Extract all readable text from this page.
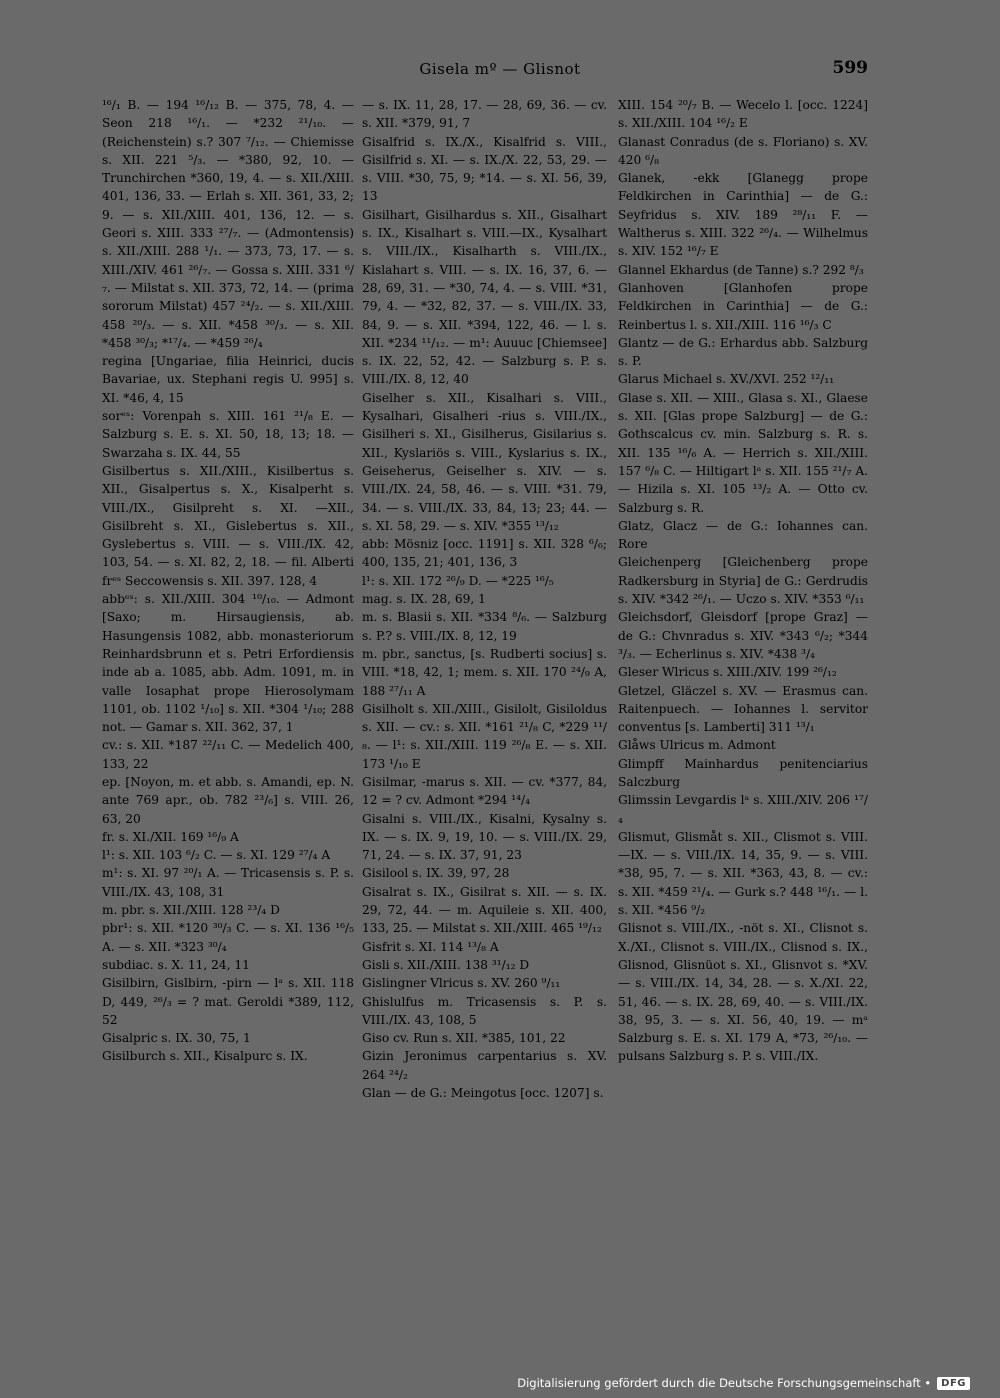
Gisela mº — Glisnot	599

¹⁶/₁ B. — 194 ¹⁶/₁₂ B. — 375, 78, 4. — Seon 218 ¹⁶/₁. — *232 ²¹/₁₀. — (Reichenstein) s.? 307 ⁷/₁₂. — Chiemisse s. XII. 221 ⁵/₃. — *380, 92, 10. — Trunchirchen *360, 19, 4. — s. XII./XIII. 401, 136, 33. — Erlah s. XII. 361, 33, 2; 9. — s. XII./XIII. 401, 136, 12. — s. Geori s. XIII. 333 ²⁷/₇. — (Admontensis) s. XII./XIII. 288 ¹/₁. — 373, 73, 17. — s. XIII./XIV. 461 ²⁶/₇. — Gossa s. XIII. 331 ⁶/₇. — Milstat s. XII. 373, 72, 14. — (prima sororum Milstat) 457 ²⁴/₂. — s. XII./XIII. 458 ²⁰/₃. — s. XII. *458 ³⁰/₃. — s. XII. *458 ³⁰/₃; *¹⁷/₄. — *459 ²⁶/₄

regina [Ungariae, filia Heinrici, ducis Bavariae, ux. Stephani regis U. 995] s. XI. *46, 4, 15

sorᵉˢ: Vorenpah s. XIII. 161 ²¹/₈ E. — Salzburg s. E. s. XI. 50, 18, 13; 18. — Swarzaha s. IX. 44, 55

Gisilbertus s. XII./XIII., Kisilbertus s. XII., Gisalpertus s. X., Kisalperht s. VIII./IX., Gisilpreht s. XI. —XII., Gisilbreht s. XI., Gislebertus s. XII., Gyslebertus s. VIII. — s. VIII./IX. 42, 103, 54. — s. XI. 82, 2, 18. — fil. Alberti frᵉˢ Seccowensis s. XII. 397. 128, 4

abbᵉˢ: s. XII./XIII. 304 ¹⁰/₁₀. — Admont [Saxo; m. Hirsaugiensis, ab. Hasungensis 1082, abb. monasteriorum Reinhardsbrunn et s. Petri Erfordiensis inde ab a. 1085, abb. Adm. 1091, m. in valle Iosaphat prope Hierosolymam 1101, ob. 1102 ¹/₁₀] s. XII. *304 ¹/₁₀; 288 not. — Gamar s. XII. 362, 37, 1

cv.: s. XII. *187 ²²/₁₁ C. — Medelich 400, 133, 22

ep. [Noyon, m. et abb. s. Amandi, ep. N. ante 769 apr., ob. 782 ²³/₆] s. VIII. 26, 63, 20

fr. s. XI./XII. 169 ¹⁶/₉ A

l¹: s. XII. 103 ⁶/₂ C. — s. XI. 129 ²⁷/₄ A

m¹: s. XI. 97 ²⁰/₁ A. — Tricasensis s. P. s. VIII./IX. 43, 108, 31

m. pbr. s. XII./XIII. 128 ²³/₄ D

pbr¹: s. XII. *120 ³⁰/₃ C. — s. XI. 136 ¹⁶/₅ A. — s. XII. *323 ³⁰/₄

subdiac. s. X. 11, 24, 11

Gisilbirn, Gislbirn, -pirn — lᵃ s. XII. 118 D, 449, ²⁶/₃ = ? mat. Geroldi *389, 112, 52

Gisalpric s. IX. 30, 75, 1

Gisilburch s. XII., Kisalpurc s. IX.

— s. IX. 11, 28, 17. — 28, 69, 36. — cv. s. XII. *379, 91, 7

Gisalfrid s. IX./X., Kisalfrid s. VIII., Gisilfrid s. XI. — s. IX./X. 22, 53, 29. — s. VIII. *30, 75, 9; *14. — s. XI. 56, 39, 13

Gisilhart, Gisilhardus s. XII., Gisalhart s. IX., Kisalhart s. VIII.—IX., Kysalhart s. VIII./IX., Kisalharth s. VIII./IX., Kislahart s. VIII. — s. IX. 16, 37, 6. — 28, 69, 31. — *30, 74, 4. — s. VIII. *31, 79, 4. — *32, 82, 37. — s. VIII./IX. 33, 84, 9. — s. XII. *394, 122, 46. — l. s. XII. *234 ¹¹/₁₂. — m¹: Auuuc [Chiemsee] s. IX. 22, 52, 42. — Salzburg s. P. s. VIII./IX. 8, 12, 40

Giselher s. XII., Kisalhari s. VIII., Kysalhari, Gisalheri -rius s. VIII./IX., Gisilheri s. XI., Gisilherus, Gisilarius s. XII., Kyslariös s. VIII., Kyslarius s. IX., Geiseherus, Geiselher s. XIV. — s. VIII./IX. 24, 58, 46. — s. VIII. *31. 79, 34. — s. VIII./IX. 33, 84, 13; 23; 44. — s. XI. 58, 29. — s. XIV. *355 ¹³/₁₂

abb: Mösniz [occ. 1191] s. XII. 328 ⁶/₆; 400, 135, 21; 401, 136, 3

l¹: s. XII. 172 ²⁶/₉ D. — *225 ¹⁶/₅

mag. s. IX. 28, 69, 1

m. s. Blasii s. XII. *334 ⁸/₆. — Salzburg s. P.? s. VIII./IX. 8, 12, 19

m. pbr., sanctus, [s. Rudberti socius] s. VIII. *18, 42, 1; mem. s. XII. 170 ²⁴/₉ A, 188 ²⁷/₁₁ A

Gisilholt s. XII./XIII., Gisilolt, Gisiloldus s. XII. — cv.: s. XII. *161 ²¹/₈ C, *229 ¹¹/₈. — l¹: s. XII./XIII. 119 ²⁶/₈ E. — s. XII. 173 ¹/₁₀ E

Gisilmar, -marus s. XII. — cv. *377, 84, 12 = ? cv. Admont *294 ¹⁴/₄

Gisalni s. VIII./IX., Kisalni, Kysalny s. IX. — s. IX. 9, 19, 10. — s. VIII./IX. 29, 71, 24. — s. IX. 37, 91, 23

Gisilool s. IX. 39, 97, 28

Gisalrat s. IX., Gisilrat s. XII. — s. IX. 29, 72, 44. — m. Aquileie s. XII. 400, 133, 25. — Milstat s. XII./XIII. 465 ¹⁹/₁₂

Gisfrit s. XI. 114 ¹³/₈ A

Gisli s. XII./XIII. 138 ³¹/₁₂ D

Gislingner Vlricus s. XV. 260 ⁹/₁₁

Ghislulfus m. Tricasensis s. P. s. VIII./IX. 43, 108, 5

Giso cv. Run s. XII. *385, 101, 22

Gizin Jeronimus carpentarius s. XV. 264 ²⁴/₂

Glan — de G.: Meingotus [occ. 1207] s.

XIII. 154 ²⁰/₇ B. — Wecelo l. [occ. 1224] s. XII./XIII. 104 ¹⁶/₂ E

Glanast Conradus (de s. Floriano) s. XV. 420 ⁶/₈

Glanek, -ekk [Glanegg prope Feldkirchen in Carinthia] — de G.: Seyfridus s. XIV. 189 ²⁸/₁₁ F. — Waltherus s. XIII. 322 ²⁶/₄. — Wilhelmus s. XIV. 152 ¹⁶/₇ E

Glannel Ekhardus (de Tanne) s.? 292 ⁸/₃

Glanhoven [Glanhofen prope Feldkirchen in Carinthia] — de G.: Reinbertus l. s. XII./XIII. 116 ¹⁶/₃ C

Glantz — de G.: Erhardus abb. Salzburg s. P.

Glarus Michael s. XV./XVI. 252 ¹²/₁₁

Glase s. XII. — XIII., Glasa s. XI., Glaese s. XII. [Glas prope Salzburg] — de G.: Gothscalcus cv. min. Salzburg s. R. s. XII. 135 ¹⁶/₆ A. — Herrich s. XII./XIII. 157 ⁶/₈ C. — Hiltigart lᵃ s. XII. 155 ²¹/₇ A. — Hizila s. XI. 105 ¹³/₂ A. — Otto cv. Salzburg s. R.

Glatz, Glacz — de G.: Iohannes can. Rore

Gleichenperg [Gleichenberg prope Radkersburg in Styria] de G.: Gerdrudis s. XIV. *342 ²⁶/₁. — Uczo s. XIV. *353 ⁶/₁₁

Gleichsdorf, Gleisdorf [prope Graz] — de G.: Chvnradus s. XIV. *343 ⁶/₂; *344 ³/₃. — Echerlinus s. XIV. *438 ³/₄

Gleser Wlricus s. XIII./XIV. 199 ²⁶/₁₂

Gletzel, Gläczel s. XV. — Erasmus can. Raitenpuech. — Iohannes l. servitor conventus [s. Lamberti] 311 ¹³/₁

Glåws Ulricus m. Admont

Glimpff Mainhardus penitenciarius Salczburg

Glimssin Levgardis lᵃ s. XIII./XIV. 206 ¹⁷/₄

Glismut, Glismåt s. XII., Clismot s. VIII.—IX. — s. VIII./IX. 14, 35, 9. — s. VIII. *38, 95, 7. — s. XII. *363, 43, 8. — cv.: s. XII. *459 ²¹/₄. — Gurk s.? 448 ¹⁶/₁. — l. s. XII. *456 ⁹/₂

Glisnot s. VIII./IX., -nöt s. XI., Clisnot s. X./XI., Clisnot s. VIII./IX., Clisnod s. IX., Glisnod, Glisnüot s. XI., Glisnvot s. *XV. — s. VIII./IX. 14, 34, 28. — s. X./XI. 22, 51, 46. — s. IX. 28, 69, 40. — s. VIII./IX. 38, 95, 3. — s. XI. 56, 40, 19. — mᵃ Salzburg s. E. s. XI. 179 A, *73, ²⁶/₁₀. — pulsans Salzburg s. P. s. VIII./IX.

Digitalisierung gefördert durch die Deutsche Forschungsgemeinschaft •	DFG
